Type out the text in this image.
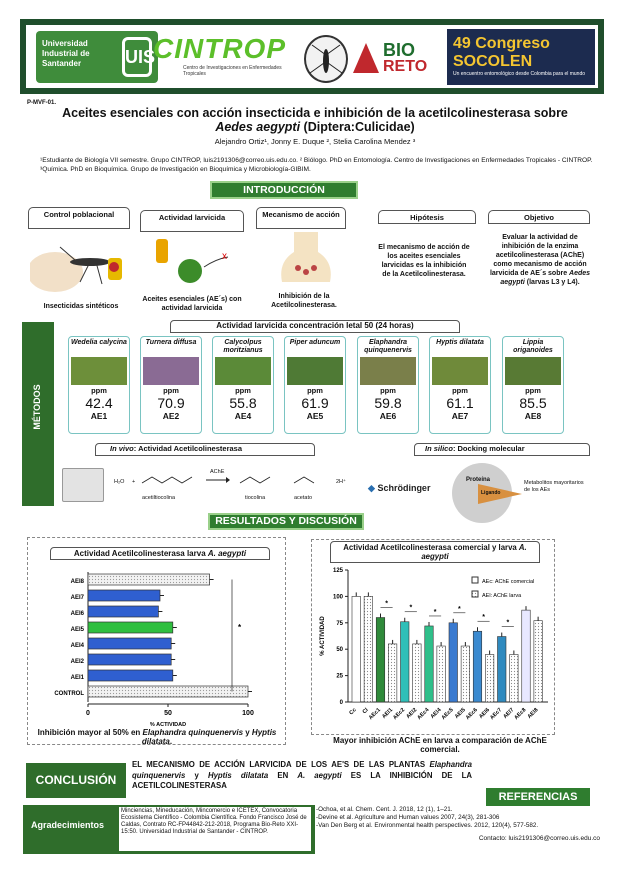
Universidad Industrial de Santander	UIS
CINTROP
Centro de Investigaciones en Enfermedades Tropicales
BIO
RETO
49 Congreso SOCOLEN
Un encuentro entomológico desde Colombia para el mundo
P-MVF-01.
Aceites esenciales con acción insecticida e inhibición de la acetilcolinesterasa sobre
Aedes aegypti (Diptera:Culicidae)
Alejandro Ortiz¹, Jonny E. Duque ², Stelia Carolina Mendez ³
¹Estudiante de Biología VII semestre. Grupo CINTROP, luis2191306@correo.uis.edu.co. ² Biólogo. PhD en Entomología. Centro de Investigaciones en Enfermedades Tropicales - CINTROP. ³Química. PhD en Bioquímica. Grupo de Investigación en Bioquímica y Microbiología-GIBIM.
INTRODUCCIÓN
Control poblacional	Actividad larvicida	Mecanismo de acción	Hipótesis	Objetivo
Insecticidas sintéticos
x
Aceites esenciales (AE´s) con actividad larvicida
Inhibición de la Acetilcolinesterasa.
El mecanismo de acción de los aceites esenciales larvicidas es la inhibición de la Acetilcolinesterasa.
Evaluar la actividad de inhibición de la enzima acetilcolinesterasa (AChE) como mecanismo de acción larvicida de AE´s sobre Aedes aegypti (larvas L3 y L4).
MÉTODOS
Actividad larvicida concentración letal 50 (24 horas)
Wedelia calycina
ppm
42.4
AE1
Turnera diffusa
ppm
70.9
AE2
Calycolpus moritzianus
ppm
55.8
AE4
Piper aduncum
ppm
61.9
AE5
Elaphandra quinquenervis
ppm
59.8
AE6
Hyptis dilatata
ppm
61.1
AE7
Lippia origanoides
ppm
85.5
AE8
In vivo: Actividad Acetilcolinesterasa	In silico: Docking molecular
H₂O +
acetiltiocolina
AChE
tiocolina	acetato
2H⁺
◆ Schrödinger
Proteína
Ligando
Metabolitos mayoritarios de los AEs
RESULTADOS Y DISCUSIÓN
Actividad Acetilcolinesterasa larva A. aegypti
AEI8
AEI7
AEI6
AEI5
AEI4
AEI2
AEI1
CONTROL
0	50	100
% ACTIVIDAD
*
Inhibición mayor al 50% en Elaphandra quinquenervis y Hyptis dilatata.
Actividad Acetilcolinesterasa comercial y larva A. aegypti
0
25
50
75
100
125
% ACTIVIDAD
Cc Cl
AEc1 AEl1
*
AEc2 AEl2
*
AEc4 AEl4
*
AEc5 AEl5
*
AEc6 AEl6
*
AEc7 AEl7
*
AEc8 AEl8
AEc: AChE comercial
AEl: AChE larva
Mayor inhibición AChE en larva a comparación de AChE comercial.
CONCLUSIÓN
EL MECANISMO DE ACCIÓN LARVICIDA DE LOS AE'S DE LAS PLANTAS Elaphandra quinquenervis y Hyptis dilatata EN A. aegypti ES LA INHIBICIÓN DE LA ACETILCOLINESTERASA
REFERENCIAS
Agradecimientos
Minciencias, Mineducación, Mincomercio e ICETEX, Convocatoria Ecosistema Científico - Colombia Científica. Fondo Francisco José de Caldas, Contrato RC-FP44842-212-2018, Programa Bio-Reto XXI-15:50. Universidad Industrial de Santander - CINTROP.
-Ochoa, et al. Chem. Cent. J. 2018, 12 (1), 1–21.
-Devine et al. Agriculture and Human values 2007, 24(3), 281-306
-Van Den Berg et al. Environmental health perspectives. 2012, 120(4), 577-582.
Contacto: luis2191306@correo.uis.edu.co
